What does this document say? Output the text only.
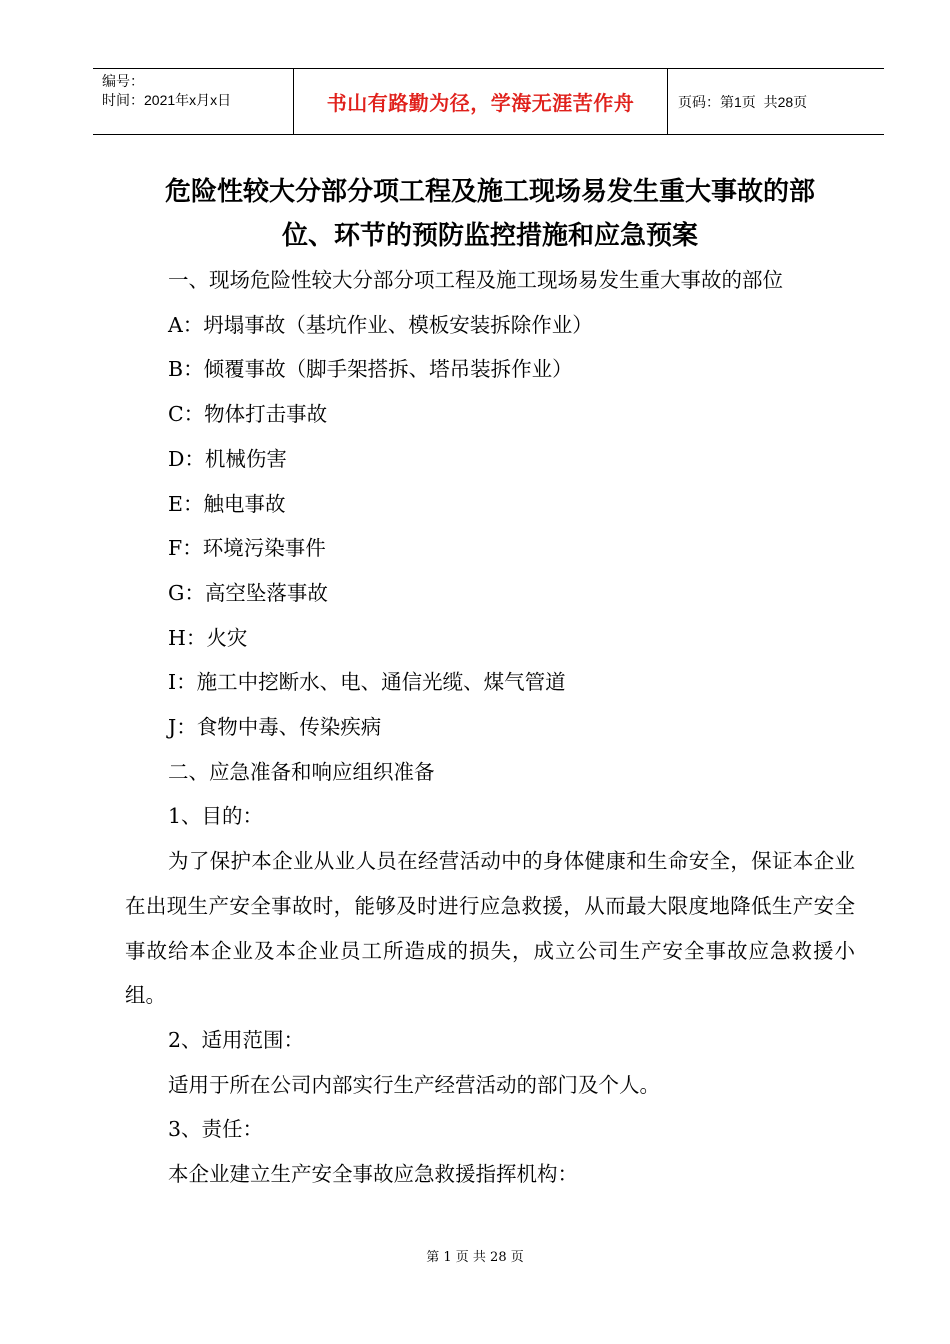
编号：
时间：2021年x月x日	书山有路勤为径，学海无涯苦作舟	页码：第1页  共28页
危险性较大分部分项工程及施工现场易发生重大事故的部
位、环节的预防监控措施和应急预案

一、现场危险性较大分部分项工程及施工现场易发生重大事故的部位

A：坍塌事故（基坑作业、模板安装拆除作业）

B：倾覆事故（脚手架搭拆、塔吊装拆作业）

C：物体打击事故

D：机械伤害

E：触电事故

F：环境污染事件

G：高空坠落事故

H：火灾

I：施工中挖断水、电、通信光缆、煤气管道

J：食物中毒、传染疾病

二、应急准备和响应组织准备

1、目的：

为了保护本企业从业人员在经营活动中的身体健康和生命安全，保证本企业在出现生产安全事故时，能够及时进行应急救援，从而最大限度地降低生产安全事故给本企业及本企业员工所造成的损失，成立公司生产安全事故应急救援小组。

2、适用范围：

适用于所在公司内部实行生产经营活动的部门及个人。

3、责任：

本企业建立生产安全事故应急救援指挥机构：

第 1 页 共 28 页
